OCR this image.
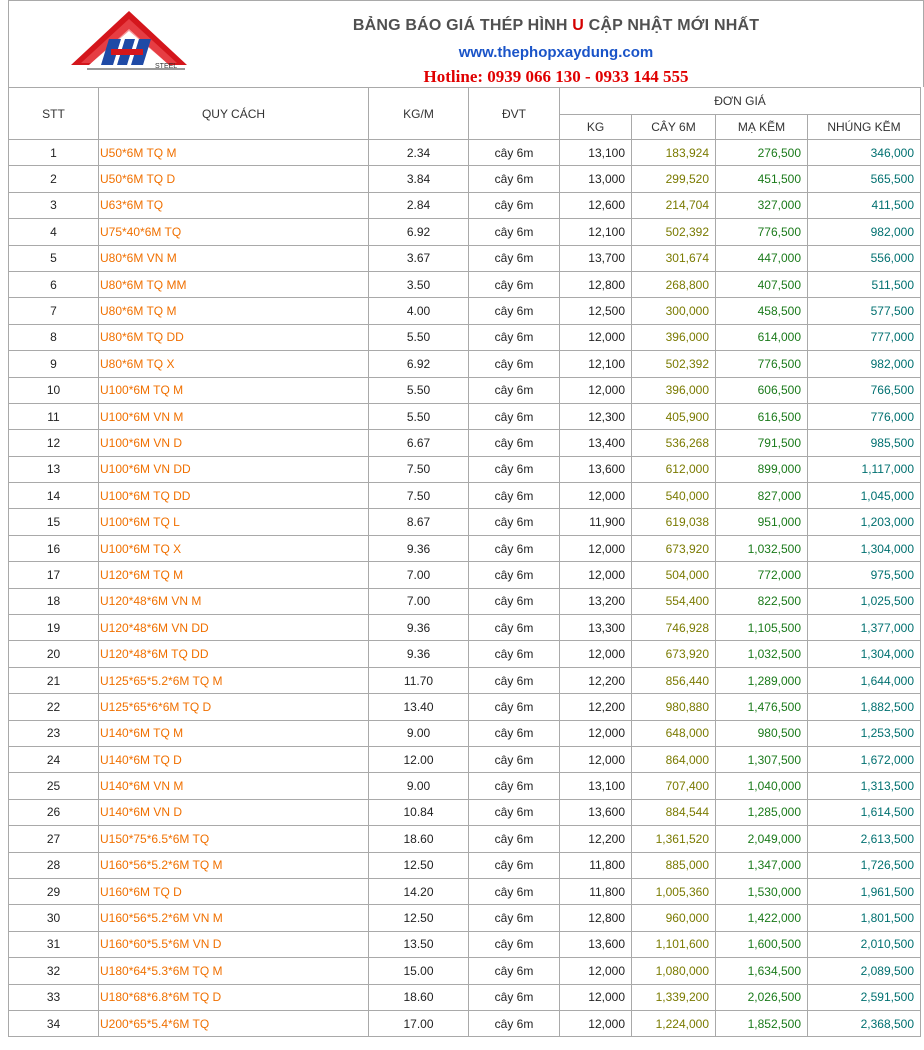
STEEL
BẢNG BÁO GIÁ THÉP HÌNH U CẬP NHẬT MỚI NHẤT
www.thephopxaydung.com
Hotline: 0939 066 130 - 0933 144 555
STT	QUY CÁCH	KG/M	ĐVT	ĐƠN GIÁ			
				KG	CÂY 6M	MẠ KẼM	NHÚNG KẼM
1	U50*6M TQ M	2.34	cây 6m	13,100	183,924	276,500	346,000
2	U50*6M TQ D	3.84	cây 6m	13,000	299,520	451,500	565,500
3	U63*6M TQ	2.84	cây 6m	12,600	214,704	327,000	411,500
4	U75*40*6M TQ	6.92	cây 6m	12,100	502,392	776,500	982,000
5	U80*6M VN M	3.67	cây 6m	13,700	301,674	447,000	556,000
6	U80*6M TQ MM	3.50	cây 6m	12,800	268,800	407,500	511,500
7	U80*6M TQ M	4.00	cây 6m	12,500	300,000	458,500	577,500
8	U80*6M TQ DD	5.50	cây 6m	12,000	396,000	614,000	777,000
9	U80*6M TQ X	6.92	cây 6m	12,100	502,392	776,500	982,000
10	U100*6M TQ M	5.50	cây 6m	12,000	396,000	606,500	766,500
11	U100*6M VN M	5.50	cây 6m	12,300	405,900	616,500	776,000
12	U100*6M VN D	6.67	cây 6m	13,400	536,268	791,500	985,500
13	U100*6M VN DD	7.50	cây 6m	13,600	612,000	899,000	1,117,000
14	U100*6M TQ DD	7.50	cây 6m	12,000	540,000	827,000	1,045,000
15	U100*6M TQ L	8.67	cây 6m	11,900	619,038	951,000	1,203,000
16	U100*6M TQ X	9.36	cây 6m	12,000	673,920	1,032,500	1,304,000
17	U120*6M TQ M	7.00	cây 6m	12,000	504,000	772,000	975,500
18	U120*48*6M VN M	7.00	cây 6m	13,200	554,400	822,500	1,025,500
19	U120*48*6M VN DD	9.36	cây 6m	13,300	746,928	1,105,500	1,377,000
20	U120*48*6M TQ DD	9.36	cây 6m	12,000	673,920	1,032,500	1,304,000
21	U125*65*5.2*6M TQ M	11.70	cây 6m	12,200	856,440	1,289,000	1,644,000
22	U125*65*6*6M TQ D	13.40	cây 6m	12,200	980,880	1,476,500	1,882,500
23	U140*6M TQ M	9.00	cây 6m	12,000	648,000	980,500	1,253,500
24	U140*6M TQ D	12.00	cây 6m	12,000	864,000	1,307,500	1,672,000
25	U140*6M VN M	9.00	cây 6m	13,100	707,400	1,040,000	1,313,500
26	U140*6M VN D	10.84	cây 6m	13,600	884,544	1,285,000	1,614,500
27	U150*75*6.5*6M TQ	18.60	cây 6m	12,200	1,361,520	2,049,000	2,613,500
28	U160*56*5.2*6M TQ M	12.50	cây 6m	11,800	885,000	1,347,000	1,726,500
29	U160*6M TQ D	14.20	cây 6m	11,800	1,005,360	1,530,000	1,961,500
30	U160*56*5.2*6M VN M	12.50	cây 6m	12,800	960,000	1,422,000	1,801,500
31	U160*60*5.5*6M VN D	13.50	cây 6m	13,600	1,101,600	1,600,500	2,010,500
32	U180*64*5.3*6M TQ M	15.00	cây 6m	12,000	1,080,000	1,634,500	2,089,500
33	U180*68*6.8*6M TQ D	18.60	cây 6m	12,000	1,339,200	2,026,500	2,591,500
34	U200*65*5.4*6M TQ	17.00	cây 6m	12,000	1,224,000	1,852,500	2,368,500
